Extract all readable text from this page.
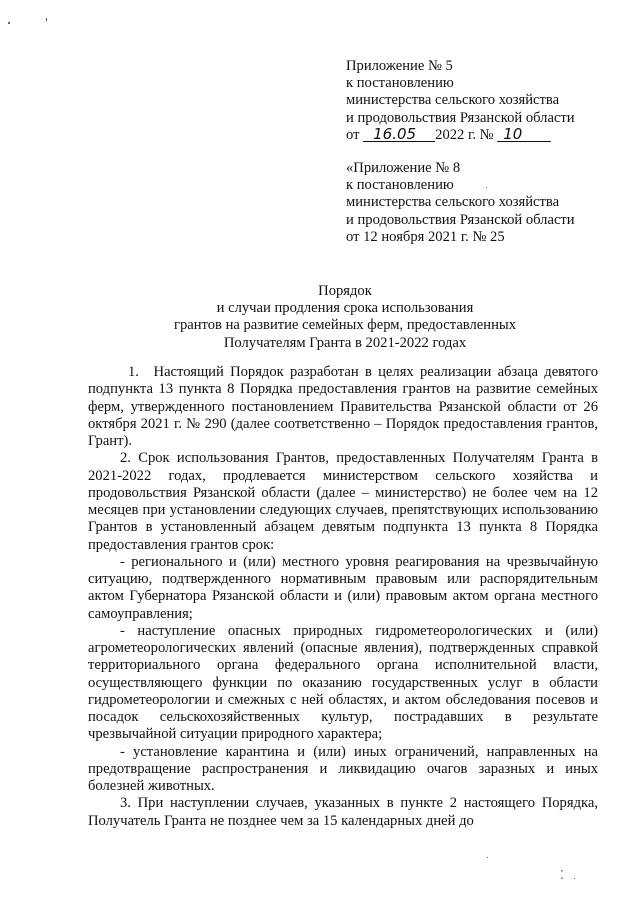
Приложение № 5
к постановлению
министерства сельского хозяйства
и продовольствия Рязанской области
от 16.05 2022 г. № 10
«Приложение № 8
к постановлению
министерства сельского хозяйства
и продовольствия Рязанской области
от 12 ноября 2021 г. № 25
Порядок
и случаи продления срока использования
грантов на развитие семейных ферм, предоставленных
Получателям Гранта в 2021-2022 годах

1. Настоящий Порядок разработан в целях реализации абзаца девятого подпункта 13 пункта 8 Порядка предоставления грантов на развитие семейных ферм, утвержденного постановлением Правительства Рязанской области от 26 октября 2021 г. № 290 (далее соответственно – Порядок предоставления грантов, Грант).

2. Срок использования Грантов, предоставленных Получателям Гранта в 2021-2022 годах, продлевается министерством сельского хозяйства и продовольствия Рязанской области (далее – министерство) не более чем на 12 месяцев при установлении следующих случаев, препятствующих использованию Грантов в установленный абзацем девятым подпункта 13 пункта 8 Порядка предоставления грантов срок:

- регионального и (или) местного уровня реагирования на чрезвычайную ситуацию, подтвержденного нормативным правовым или распорядительным актом Губернатора Рязанской области и (или) правовым актом органа местного самоуправления;

- наступление опасных природных гидрометеорологических и (или) агрометеорологических явлений (опасные явления), подтвержденных справкой территориального органа федерального органа исполнительной власти, осуществляющего функции по оказанию государственных услуг в области гидрометеорологии и смежных с ней областях, и актом обследования посевов и посадок сельскохозяйственных культур, пострадавших в результате чрезвычайной ситуации природного характера;

- установление карантина и (или) иных ограничений, направленных на предотвращение распространения и ликвидацию очагов заразных и иных болезней животных.

3. При наступлении случаев, указанных в пункте 2 настоящего Порядка, Получатель Гранта не позднее чем за 15 календарных дней до

⁚
